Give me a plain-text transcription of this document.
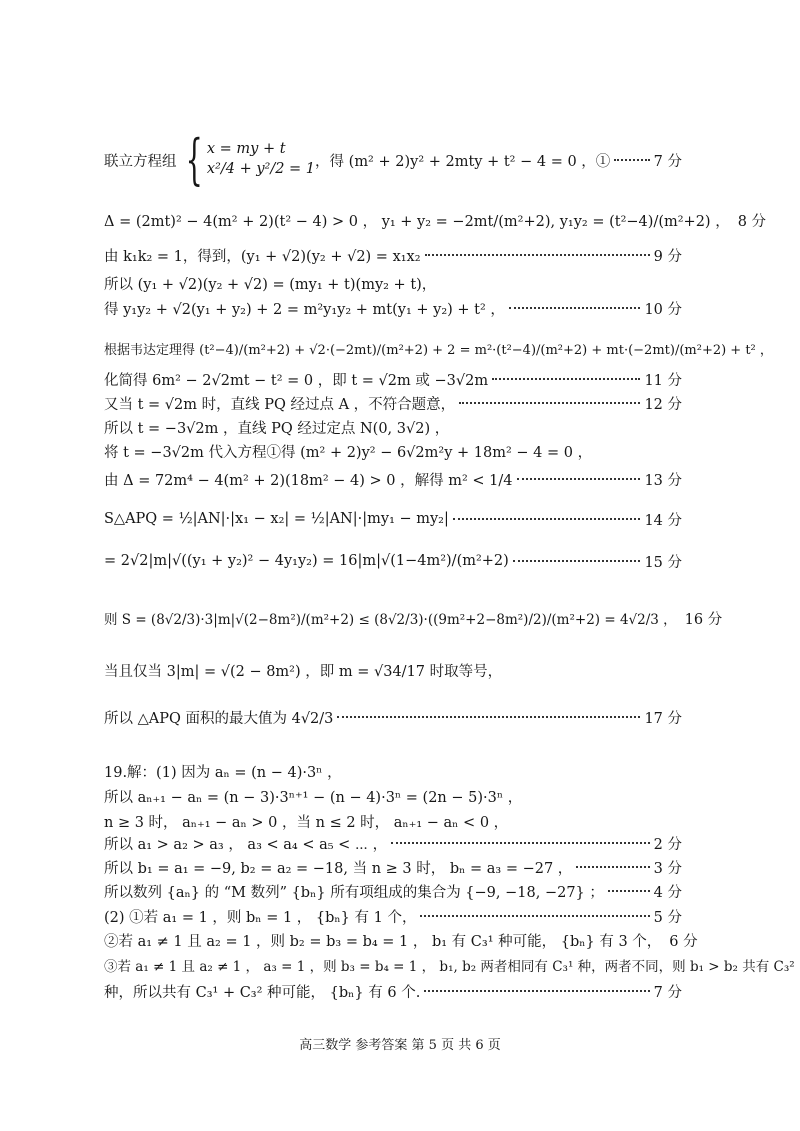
联立方程组 { x = my + t
x²/4 + y²/2 = 1 ，得 (m² + 2)y² + 2mty + t² − 4 = 0 ，①	7 分
Δ = (2mt)² − 4(m² + 2)(t² − 4) > 0 ， y₁ + y₂ = −2mt/(m²+2), y₁y₂ = (t²−4)/(m²+2) ， 8 分
由 k₁k₂ = 1，得到，(y₁ + √2)(y₂ + √2) = x₁x₂	9 分
所以 (y₁ + √2)(y₂ + √2) = (my₁ + t)(my₂ + t)，
得 y₁y₂ + √2(y₁ + y₂) + 2 = m²y₁y₂ + mt(y₁ + y₂) + t² ，	10 分
根据韦达定理得 (t²−4)/(m²+2) + √2·(−2mt)/(m²+2) + 2 = m²·(t²−4)/(m²+2) + mt·(−2mt)/(m²+2) + t² ，
化简得 6m² − 2√2mt − t² = 0 ，即 t = √2m 或 −3√2m	11 分
又当 t = √2m 时，直线 PQ 经过点 A ，不符合题意，	12 分
所以 t = −3√2m ，直线 PQ 经过定点 N(0, 3√2) ，
将 t = −3√2m 代入方程①得 (m² + 2)y² − 6√2m²y + 18m² − 4 = 0 ，
由 Δ = 72m⁴ − 4(m² + 2)(18m² − 4) > 0 ，解得 m² < 1/4	13 分
S△APQ = ½|AN|·|x₁ − x₂| = ½|AN|·|my₁ − my₂|	14 分
= 2√2|m|√((y₁ + y₂)² − 4y₁y₂) = 16|m|√(1−4m²)/(m²+2)	15 分
则 S = (8√2/3)·3|m|√(2−8m²)/(m²+2) ≤ (8√2/3)·((9m²+2−8m²)/2)/(m²+2) = 4√2/3 ， 16 分
当且仅当 3|m| = √(2 − 8m²) ，即 m = √34/17 时取等号，
所以 △APQ 面积的最大值为 4√2/3	17 分
19.解：(1) 因为 aₙ = (n − 4)·3ⁿ ，
所以 aₙ₊₁ − aₙ = (n − 3)·3ⁿ⁺¹ − (n − 4)·3ⁿ = (2n − 5)·3ⁿ ，
n ≥ 3 时， aₙ₊₁ − aₙ > 0 ，当 n ≤ 2 时， aₙ₊₁ − aₙ < 0 ，
所以 a₁ > a₂ > a₃ ， a₃ < a₄ < a₅ < ⋯ ，	2 分
所以 b₁ = a₁ = −9, b₂ = a₂ = −18, 当 n ≥ 3 时， bₙ = a₃ = −27 ，	3 分
所以数列 {aₙ} 的 “M 数列” {bₙ} 所有项组成的集合为 {−9, −18, −27} ；	4 分
(2) ①若 a₁ = 1 ，则 bₙ = 1 ， {bₙ} 有 1 个，	5 分
②若 a₁ ≠ 1 且 a₂ = 1 ，则 b₂ = b₃ = b₄ = 1 ， b₁ 有 C₃¹ 种可能， {bₙ} 有 3 个， 6 分
③若 a₁ ≠ 1 且 a₂ ≠ 1 ， a₃ = 1 ，则 b₃ = b₄ = 1 ， b₁, b₂ 两者相同有 C₃¹ 种，两者不同，则 b₁ > b₂ 共有 C₃²
种，所以共有 C₃¹ + C₃² 种可能， {bₙ} 有 6 个.	7 分
高三数学 参考答案 第 5 页 共 6 页
